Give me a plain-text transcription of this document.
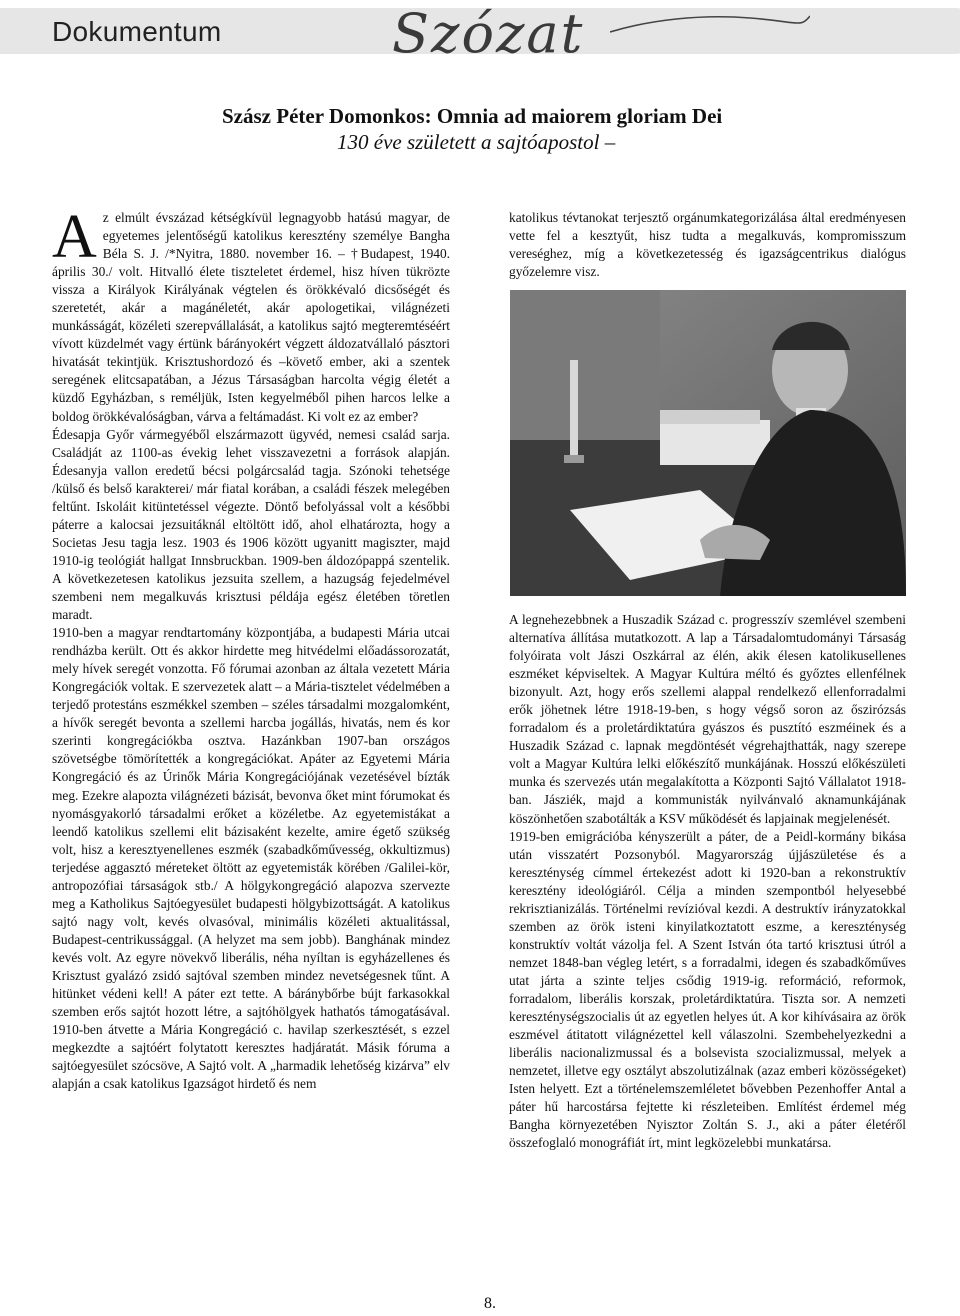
Dokumentum	Szózat
Szász Péter Domonkos: Omnia ad maiorem gloriam Dei
130 éve született a sajtóapostol –

Az elmúlt évszázad kétségkívül legnagyobb hatású magyar, de egyetemes jelentőségű katolikus keresztény személye Bangha Béla S. J. /*Nyitra, 1880. november 16. – †Budapest, 1940. április 30./ volt. Hitvalló élete tiszteletet érdemel, hisz híven tükrözte vissza a Királyok Királyának végtelen és örökkévaló dicsőségét és szeretetét, akár a magánéletét, akár apologetikai, világnézeti munkásságát, közéleti szerepvállalását, a katolikus sajtó megteremtéséért vívott küzdelmét vagy értünk bárányokért végzett áldozatvállaló pásztori hivatását tekintjük. Krisztushordozó és –követő ember, aki a szentek seregének elitcsapatában, a Jézus Társaságban harcolta végig életét a küzdő Egyházban, s reméljük, Isten kegyelméből pihen harcos lelke a boldog örökkévalóságban, várva a feltámadást. Ki volt ez az ember?

Édesapja Győr vármegyéből elszármazott ügyvéd, nemesi család sarja. Családját az 1100-as évekig lehet visszavezetni a források alapján. Édesanyja vallon eredetű bécsi polgárcsalád tagja. Szónoki tehetsége /külső és belső karakterei/ már fiatal korában, a családi fészek melegében feltűnt. Iskoláit kitüntetéssel végezte. Döntő befolyással volt a későbbi páterre a kalocsai jezsuitáknál eltöltött idő, ahol elhatározta, hogy a Societas Jesu tagja lesz. 1903 és 1906 között ugyanitt magiszter, majd 1910-ig teológiát hallgat Innsbruckban. 1909-ben áldozópappá szentelik. A következetesen katolikus jezsuita szellem, a hazugság fejedelmével szembeni nem megalkuvás krisztusi példája egész életében töretlen maradt.

1910-ben a magyar rendtartomány központjába, a budapesti Mária utcai rendházba került. Ott és akkor hirdette meg hitvédelmi előadássorozatát, mely hívek seregét vonzotta. Fő fórumai azonban az általa vezetett Mária Kongregációk voltak. E szervezetek alatt – a Mária-tisztelet védelmében a terjedő protestáns eszmékkel szemben – széles társadalmi mozgalomként, a hívők seregét bevonta a szellemi harcba jogállás, hivatás, nem és kor szerinti kongregációkba osztva. Hazánkban 1907-ban országos szövetségbe tömörítették a kongregációkat. Apáter az Egyetemi Mária Kongregáció és az Úrinők Mária Kongregációjának vezetésével bízták meg. Ezekre alapozta világnézeti bázisát, bevonva őket mint fórumokat és nyomásgyakorló társadalmi erőket a közéletbe. Az egyetemistákat a leendő katolikus szellemi elit bázisaként kezelte, amire égető szükség volt, hisz a keresztyenellenes eszmék (szabadkőművesség, okkultizmus) terjedése aggasztó méreteket öltött az egyetemisták körében /Galilei-kör, antropozófiai társaságok stb./ A hölgykongregáció alapozva szervezte meg a Katholikus Sajtóegyesület budapesti hölgybizottságát. A katolikus sajtó nagy volt, kevés olvasóval, minimális közéleti aktualitással, Budapest-centrikussággal. (A helyzet ma sem jobb). Banghának mindez kevés volt. Az egyre növekvő liberális, néha nyíltan is egyházellenes és Krisztust gyalázó zsidó sajtóval szemben mindez nevetségesnek tűnt. A hitünket védeni kell! A páter ezt tette. A báránybőrbe bújt farkasokkal szemben erős sajtót hozott létre, a sajtóhölgyek hathatós támogatásával. 1910-ben átvette a Mária Kongregáció c. havilap szerkesztését, s ezzel megkezdte a sajtóért folytatott keresztes hadjáratát. Másik fóruma a sajtóegyesület szócsöve, A Sajtó volt. A „harmadik lehetőség kizárva” elv alapján a csak katolikus Igazságot hirdető és nem

katolikus tévtanokat terjesztő orgánumkategorizálása által eredményesen vette fel a kesztyűt, hisz tudta a megalkuvás, kompromisszum vereséghez, míg a következetesség és igazságcentrikus dialógus győzelemre visz.

A legnehezebbnek a Huszadik Század c. progresszív szemlével szembeni alternatíva állítása mutatkozott. A lap a Társadalomtudományi Társaság folyóirata volt Jászi Oszkárral az élén, akik élesen katolikusellenes eszméket képviseltek. A Magyar Kultúra méltó és győztes ellenfélnek bizonyult. Azt, hogy erős szellemi alappal rendelkező ellenforradalmi erők jöhetnek létre 1918-19-ben, s hogy végső soron az őszirózsás forradalom és a proletárdiktatúra gyászos és pusztító eszméinek és a Huszadik Század c. lapnak megdöntését végrehajthatták, nagy szerepe volt a Magyar Kultúra lelki előkészítő munkájának. Hosszú előkészületi munka és szervezés után megalakította a Központi Sajtó Vállalatot 1918-ban. Jásziék, majd a kommunisták nyilvánvaló aknamunkájának köszönhetően szabotálták a KSV működését és lapjainak megjelenését.

1919-ben emigrációba kényszerült a páter, de a Peidl-kormány bikása után visszatért Pozsonyból. Magyarország újjászületése és a kereszténység címmel értekezést adott ki 1920-ban a rekonstruktív keresztény ideológiáról. Célja a minden szempontból helyesebbé rekrisztianizálás. Történelmi revízióval kezdi. A destruktív irányzatokkal szemben az örök isteni kinyilatkoztatott eszme, a kereszténység konstruktív voltát vázolja fel. A Szent István óta tartó krisztusi útról a nemzet 1848-ban végleg letért, s a forradalmi, idegen és szabadkőműves utat járta a szinte teljes csődig 1919-ig. reformáció, reformok, forradalom, liberális korszak, proletárdiktatúra. Tiszta sor. A nemzeti kereszténységszocialis út az egyetlen helyes út. A kor kihívásaira az örök eszmével átitatott világnézettel kell válaszolni. Szembehelyezkedni a liberális nacionalizmussal és a bolsevista szocializmussal, melyek a nemzetet, illetve egy osztályt abszolutizálnak (azaz emberi közösségeket) Isten helyett. Ezt a történelemszemléletet bővebben Pezenhoffer Antal a páter hű harcostársa fejtette ki részleteiben. Említést érdemel még Bangha környezetében Nyisztor Zoltán S. J., aki a páter életéről összefoglaló monográfiát írt, mint legközelebbi munkatársa.

8.
